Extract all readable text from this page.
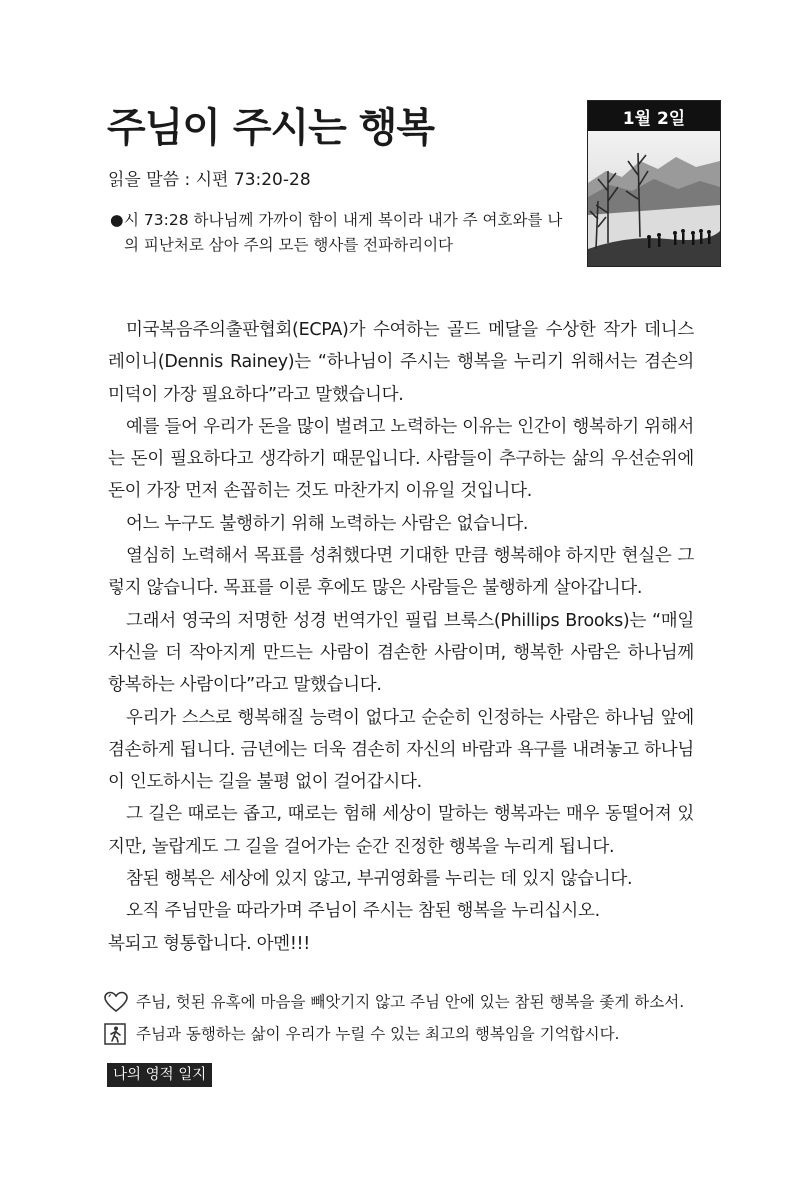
주님이 주시는 행복
읽을 말씀 : 시편 73:20-28
● 시 73:28 하나님께 가까이 함이 내게 복이라 내가 주 여호와를 나의 피난처로 삼아 주의 모든 행사를 전파하리이다
1월 2일

미국복음주의출판협회(ECPA)가 수여하는 골드 메달을 수상한 작가 데니스 레이니(Dennis Rainey)는 “하나님이 주시는 행복을 누리기 위해서는 겸손의 미덕이 가장 필요하다”라고 말했습니다.

예를 들어 우리가 돈을 많이 벌려고 노력하는 이유는 인간이 행복하기 위해서는 돈이 필요하다고 생각하기 때문입니다. 사람들이 추구하는 삶의 우선순위에 돈이 가장 먼저 손꼽히는 것도 마찬가지 이유일 것입니다.

어느 누구도 불행하기 위해 노력하는 사람은 없습니다.

열심히 노력해서 목표를 성취했다면 기대한 만큼 행복해야 하지만 현실은 그렇지 않습니다. 목표를 이룬 후에도 많은 사람들은 불행하게 살아갑니다.

그래서 영국의 저명한 성경 번역가인 필립 브룩스(Phillips Brooks)는 “매일 자신을 더 작아지게 만드는 사람이 겸손한 사람이며, 행복한 사람은 하나님께 항복하는 사람이다”라고 말했습니다.

우리가 스스로 행복해질 능력이 없다고 순순히 인정하는 사람은 하나님 앞에 겸손하게 됩니다. 금년에는 더욱 겸손히 자신의 바람과 욕구를 내려놓고 하나님이 인도하시는 길을 불평 없이 걸어갑시다.

그 길은 때로는 좁고, 때로는 험해 세상이 말하는 행복과는 매우 동떨어져 있지만, 놀랍게도 그 길을 걸어가는 순간 진정한 행복을 누리게 됩니다.

참된 행복은 세상에 있지 않고, 부귀영화를 누리는 데 있지 않습니다.

오직 주님만을 따라가며 주님이 주시는 참된 행복을 누리십시오.

복되고 형통합니다. 아멘!!!

주님, 헛된 유혹에 마음을 빼앗기지 않고 주님 안에 있는 참된 행복을 좇게 하소서.
주님과 동행하는 삶이 우리가 누릴 수 있는 최고의 행복임을 기억합시다.
나의 영적 일지
